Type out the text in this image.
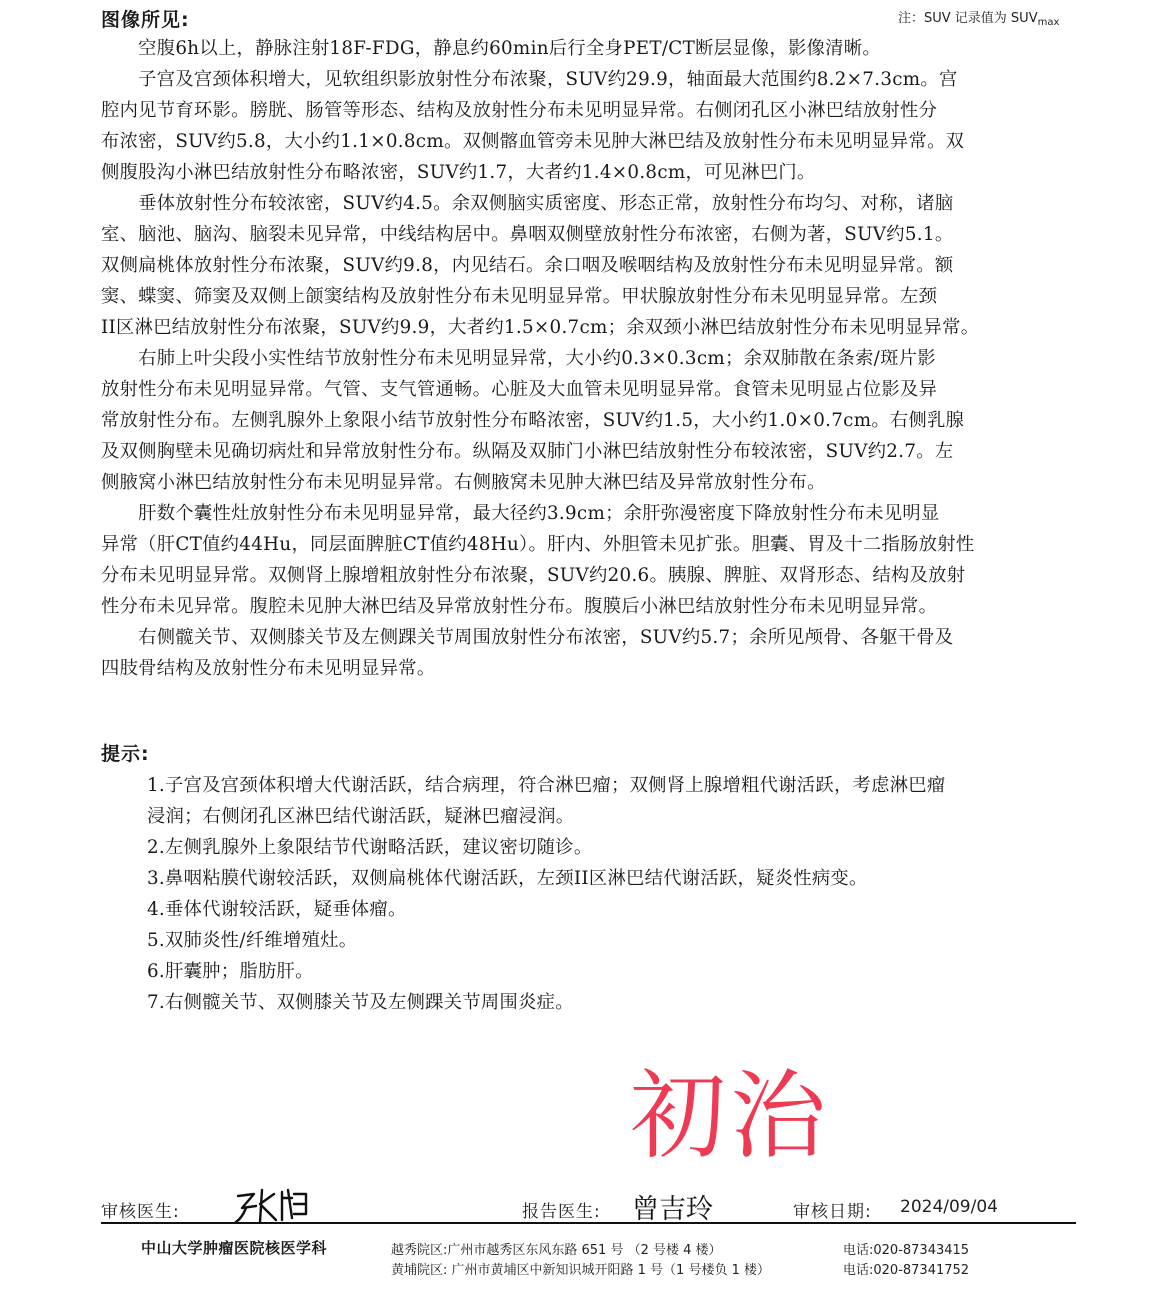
图像所见:	注：SUV 记录值为 $SUV_{max}$
　　空腹6h以上，静脉注射18F-FDG，静息约60min后行全身PET/CT断层显像，影像清晰。
　　子宫及宫颈体积增大，见软组织影放射性分布浓聚，SUV约29.9，轴面最大范围约8.2×7.3cm。宫
腔内见节育环影。膀胱、肠管等形态、结构及放射性分布未见明显异常。右侧闭孔区小淋巴结放射性分
布浓密，SUV约5.8，大小约1.1×0.8cm。双侧髂血管旁未见肿大淋巴结及放射性分布未见明显异常。双
侧腹股沟小淋巴结放射性分布略浓密，SUV约1.7，大者约1.4×0.8cm，可见淋巴门。
　　垂体放射性分布较浓密，SUV约4.5。余双侧脑实质密度、形态正常，放射性分布均匀、对称，诸脑
室、脑池、脑沟、脑裂未见异常，中线结构居中。鼻咽双侧壁放射性分布浓密，右侧为著，SUV约5.1。
双侧扁桃体放射性分布浓聚，SUV约9.8，内见结石。余口咽及喉咽结构及放射性分布未见明显异常。额
窦、蝶窦、筛窦及双侧上颌窦结构及放射性分布未见明显异常。甲状腺放射性分布未见明显异常。左颈
II区淋巴结放射性分布浓聚，SUV约9.9，大者约1.5×0.7cm；余双颈小淋巴结放射性分布未见明显异常。
　　右肺上叶尖段小实性结节放射性分布未见明显异常，大小约0.3×0.3cm；余双肺散在条索/斑片影
放射性分布未见明显异常。气管、支气管通畅。心脏及大血管未见明显异常。食管未见明显占位影及异
常放射性分布。左侧乳腺外上象限小结节放射性分布略浓密，SUV约1.5，大小约1.0×0.7cm。右侧乳腺
及双侧胸壁未见确切病灶和异常放射性分布。纵隔及双肺门小淋巴结放射性分布较浓密，SUV约2.7。左
侧腋窝小淋巴结放射性分布未见明显异常。右侧腋窝未见肿大淋巴结及异常放射性分布。
　　肝数个囊性灶放射性分布未见明显异常，最大径约3.9cm；余肝弥漫密度下降放射性分布未见明显
异常（肝CT值约44Hu，同层面脾脏CT值约48Hu）。肝内、外胆管未见扩张。胆囊、胃及十二指肠放射性
分布未见明显异常。双侧肾上腺增粗放射性分布浓聚，SUV约20.6。胰腺、脾脏、双肾形态、结构及放射
性分布未见异常。腹腔未见肿大淋巴结及异常放射性分布。腹膜后小淋巴结放射性分布未见明显异常。
　　右侧髋关节、双侧膝关节及左侧踝关节周围放射性分布浓密，SUV约5.7；余所见颅骨、各躯干骨及
四肢骨结构及放射性分布未见明显异常。
提示:
1.子宫及宫颈体积增大代谢活跃，结合病理，符合淋巴瘤；双侧肾上腺增粗代谢活跃，考虑淋巴瘤
浸润；右侧闭孔区淋巴结代谢活跃，疑淋巴瘤浸润。
2.左侧乳腺外上象限结节代谢略活跃，建议密切随诊。
3.鼻咽粘膜代谢较活跃，双侧扁桃体代谢活跃，左颈II区淋巴结代谢活跃，疑炎性病变。
4.垂体代谢较活跃，疑垂体瘤。
5.双肺炎性/纤维增殖灶。
6.肝囊肿；脂肪肝。
7.右侧髋关节、双侧膝关节及左侧踝关节周围炎症。
初治
审核医生:	报告医生: 曾吉玲	审核日期: 2024/09/04
中山大学肿瘤医院核医学科	越秀院区:广州市越秀区东风东路 651 号 （2 号楼 4 楼）	电话:020-87343415
黄埔院区: 广州市黄埔区中新知识城开阳路 1 号（1 号楼负 1 楼）	电话:020-87341752
